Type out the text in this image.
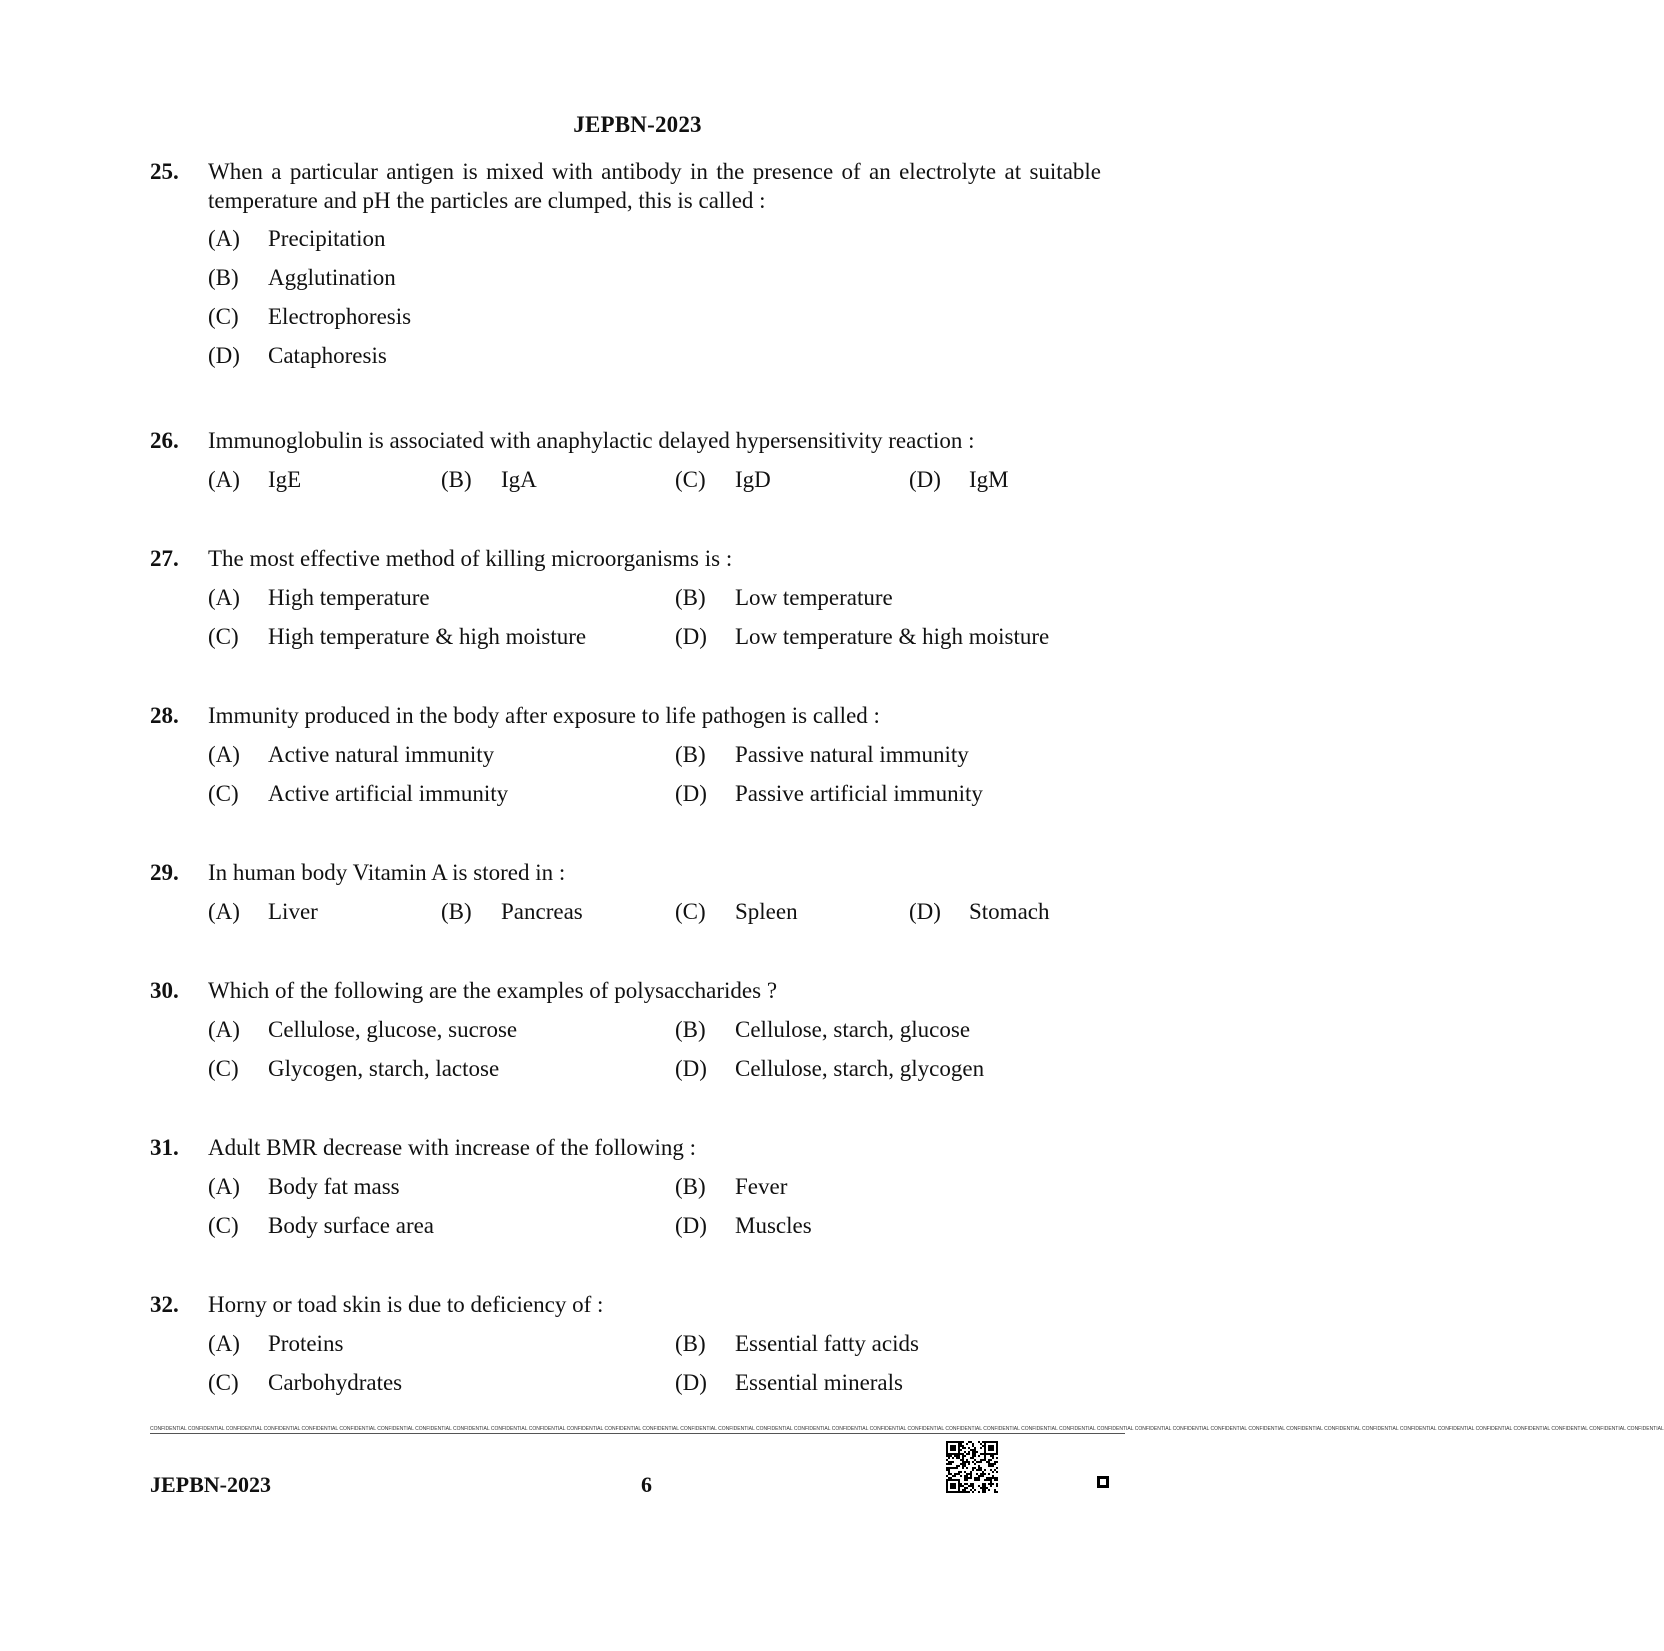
JEPBN-2023
25. When a particular antigen is mixed with antibody in the presence of an electrolyte at suitable temperature and pH the particles are clumped, this is called :
(A) Precipitation
(B) Agglutination
(C) Electrophoresis
(D) Cataphoresis
26. Immunoglobulin is associated with anaphylactic delayed hypersensitivity reaction :
(A) IgE	(B) IgA	(C) IgD	(D) IgM
27. The most effective method of killing microorganisms is :
(A) High temperature	(B) Low temperature
(C) High temperature & high moisture	(D) Low temperature & high moisture
28. Immunity produced in the body after exposure to life pathogen is called :
(A) Active natural immunity	(B) Passive natural immunity
(C) Active artificial immunity	(D) Passive artificial immunity
29. In human body Vitamin A is stored in :
(A) Liver	(B) Pancreas	(C) Spleen	(D) Stomach
30. Which of the following are the examples of polysaccharides ?
(A) Cellulose, glucose, sucrose	(B) Cellulose, starch, glucose
(C) Glycogen, starch, lactose	(D) Cellulose, starch, glycogen
31. Adult BMR decrease with increase of the following :
(A) Body fat mass	(B) Fever
(C) Body surface area	(D) Muscles
32. Horny or toad skin is due to deficiency of :
(A) Proteins	(B) Essential fatty acids
(C) Carbohydrates	(D) Essential minerals
CONFIDENTIAL CONFIDENTIAL CONFIDENTIAL CONFIDENTIAL CONFIDENTIAL CONFIDENTIAL CONFIDENTIAL CONFIDENTIAL CONFIDENTIAL CONFIDENTIAL CONFIDENTIAL CONFIDENTIAL CONFIDENTIAL CONFIDENTIAL CONFIDENTIAL CONFIDENTIAL CONFIDENTIAL CONFIDENTIAL CONFIDENTIAL CONFIDENTIAL CONFIDENTIAL CONFIDENTIAL CONFIDENTIAL CONFIDENTIAL CONFIDENTIAL CONFIDENTIAL CONFIDENTIAL CONFIDENTIAL CONFIDENTIAL CONFIDENTIAL CONFIDENTIAL CONFIDENTIAL CONFIDENTIAL CONFIDENTIAL CONFIDENTIAL CONFIDENTIAL CONFIDENTIAL CONFIDENTIAL CONFIDENTIAL CONFIDENTIAL
JEPBN-2023	6
